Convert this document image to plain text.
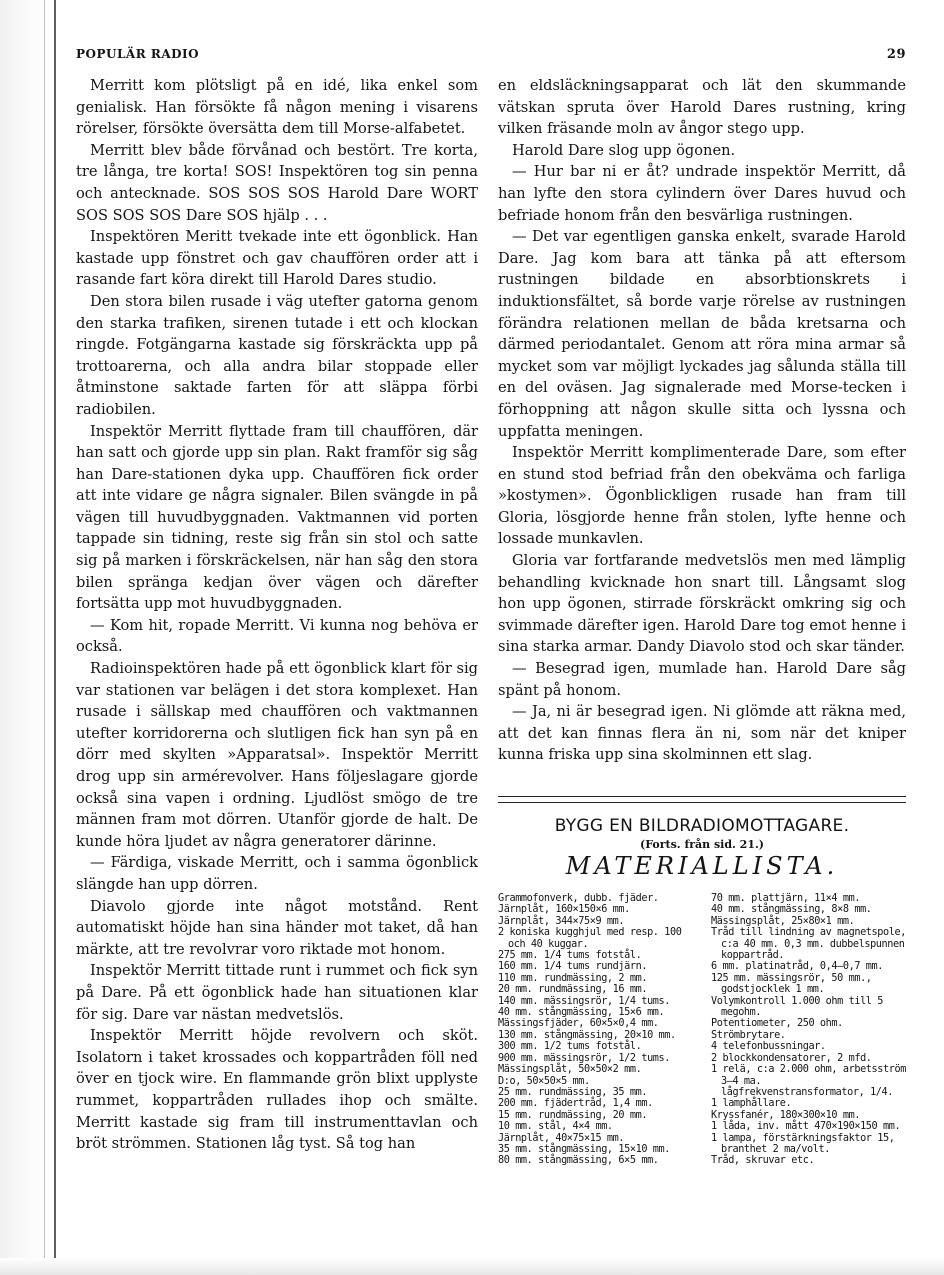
POPULÄR RADIO	29

Merritt kom plötsligt på en idé, lika enkel som genialisk. Han försökte få någon mening i visarens rörelser, försökte översätta dem till Morse-alfabetet.

Merritt blev både förvånad och bestört. Tre korta, tre långa, tre korta! SOS! Inspektören tog sin penna och antecknade. SOS SOS SOS Harold Dare WORT SOS SOS SOS Dare SOS hjälp . . .

Inspektören Meritt tvekade inte ett ögonblick. Han kastade upp fönstret och gav chauffören order att i rasande fart köra direkt till Harold Dares studio.

Den stora bilen rusade i väg utefter gatorna genom den starka trafiken, sirenen tutade i ett och klockan ringde. Fotgängarna kastade sig förskräckta upp på trottoarerna, och alla andra bilar stoppade eller åtminstone saktade farten för att släppa förbi radiobilen.

Inspektör Merritt flyttade fram till chauffören, där han satt och gjorde upp sin plan. Rakt framför sig såg han Dare-stationen dyka upp. Chauffören fick order att inte vidare ge några signaler. Bilen svängde in på vägen till huvudbyggnaden. Vaktmannen vid porten tappade sin tidning, reste sig från sin stol och satte sig på marken i förskräckelsen, när han såg den stora bilen spränga kedjan över vägen och därefter fortsätta upp mot huvudbyggnaden.

— Kom hit, ropade Merritt. Vi kunna nog behöva er också.

Radioinspektören hade på ett ögonblick klart för sig var stationen var belägen i det stora komplexet. Han rusade i sällskap med chauffören och vaktmannen utefter korridorerna och slutligen fick han syn på en dörr med skylten »Apparatsal». Inspektör Merritt drog upp sin armérevolver. Hans följeslagare gjorde också sina vapen i ordning. Ljudlöst smögo de tre männen fram mot dörren. Utanför gjorde de halt. De kunde höra ljudet av några generatorer därinne.

— Färdiga, viskade Merritt, och i samma ögonblick slängde han upp dörren.

Diavolo gjorde inte något motstånd. Rent automatiskt höjde han sina händer mot taket, då han märkte, att tre revolvrar voro riktade mot honom.

Inspektör Merritt tittade runt i rummet och fick syn på Dare. På ett ögonblick hade han situationen klar för sig. Dare var nästan medvetslös.

Inspektör Merritt höjde revolvern och sköt. Isolatorn i taket krossades och koppartråden föll ned över en tjock wire. En flammande grön blixt upplyste rummet, koppartråden rullades ihop och smälte. Merritt kastade sig fram till instrumenttavlan och bröt strömmen. Stationen låg tyst. Så tog han

en eldsläckningsapparat och lät den skummande vätskan spruta över Harold Dares rustning, kring vilken fräsande moln av ångor stego upp.

Harold Dare slog upp ögonen.

— Hur bar ni er åt? undrade inspektör Merritt, då han lyfte den stora cylindern över Dares huvud och befriade honom från den besvärliga rustningen.

— Det var egentligen ganska enkelt, svarade Harold Dare. Jag kom bara att tänka på att eftersom rustningen bildade en absorbtionskrets i induktionsfältet, så borde varje rörelse av rustningen förändra relationen mellan de båda kretsarna och därmed periodantalet. Genom att röra mina armar så mycket som var möjligt lyckades jag sålunda ställa till en del oväsen. Jag signalerade med Morse-tecken i förhoppning att någon skulle sitta och lyssna och uppfatta meningen.

Inspektör Merritt komplimenterade Dare, som efter en stund stod befriad från den obekväma och farliga »kostymen». Ögonblickligen rusade han fram till Gloria, lösgjorde henne från stolen, lyfte henne och lossade munkavlen.

Gloria var fortfarande medvetslös men med lämplig behandling kvicknade hon snart till. Långsamt slog hon upp ögonen, stirrade förskräckt omkring sig och svimmade därefter igen. Harold Dare tog emot henne i sina starka armar. Dandy Diavolo stod och skar tänder.

— Besegrad igen, mumlade han. Harold Dare såg spänt på honom.

— Ja, ni är besegrad igen. Ni glömde att räkna med, att det kan finnas flera än ni, som när det kniper kunna friska upp sina skolminnen ett slag.

BYGG EN BILDRADIOMOTTAGARE.
(Forts. från sid. 21.)
MATERIALLISTA.
Grammofonverk, dubb. fjäder.
Järnplåt, 160×150×6 mm.
Järnplåt, 344×75×9 mm.
2 koniska kugghjul med resp. 100 och 40 kuggar.
275 mm. 1/4 tums fotstål.
160 mm. 1/4 tums rundjärn.
110 mm. rundmässing, 2 mm.
20 mm. rundmässing, 16 mm.
140 mm. mässingsrör, 1/4 tums.
40 mm. stångmässing, 15×6 mm.
Mässingsfjäder, 60×5×0,4 mm.
130 mm. stångmässing, 20×10 mm.
300 mm. 1/2 tums fotstål.
900 mm. mässingsrör, 1/2 tums.
Mässingsplåt, 50×50×2 mm.
D:o, 50×50×5 mm.
25 mm. rundmässing, 35 mm.
200 mm. fjädertråd, 1,4 mm.
15 mm. rundmässing, 20 mm.
10 mm. stål, 4×4 mm.
Järnplåt, 40×75×15 mm.
35 mm. stångmässing, 15×10 mm.
80 mm. stångmässing, 6×5 mm.
70 mm. plattjärn, 11×4 mm.
40 mm. stångmässing, 8×8 mm.
Mässingsplåt, 25×80×1 mm.
Tråd till lindning av magnetspole, c:a 40 mm. 0,3 mm. dubbelspunnen koppartråd.
6 mm. platinatråd, 0,4—0,7 mm.
125 mm. mässingsrör, 50 mm., godstjocklek 1 mm.
Volymkontroll 1.000 ohm till 5 megohm.
Potentiometer, 250 ohm.
Strömbrytare.
4 telefonbussningar.
2 blockkondensatorer, 2 mfd.
1 relä, c:a 2.000 ohm, arbetsström 3—4 ma. lågfrekvenstransformator, 1/4.
1 lamphållare.
Kryssfanér, 180×300×10 mm.
1 låda, inv. mått 470×190×150 mm.
1 lampa, förstärkningsfaktor 15, branthet 2 ma/volt.
Tråd, skruvar etc.
